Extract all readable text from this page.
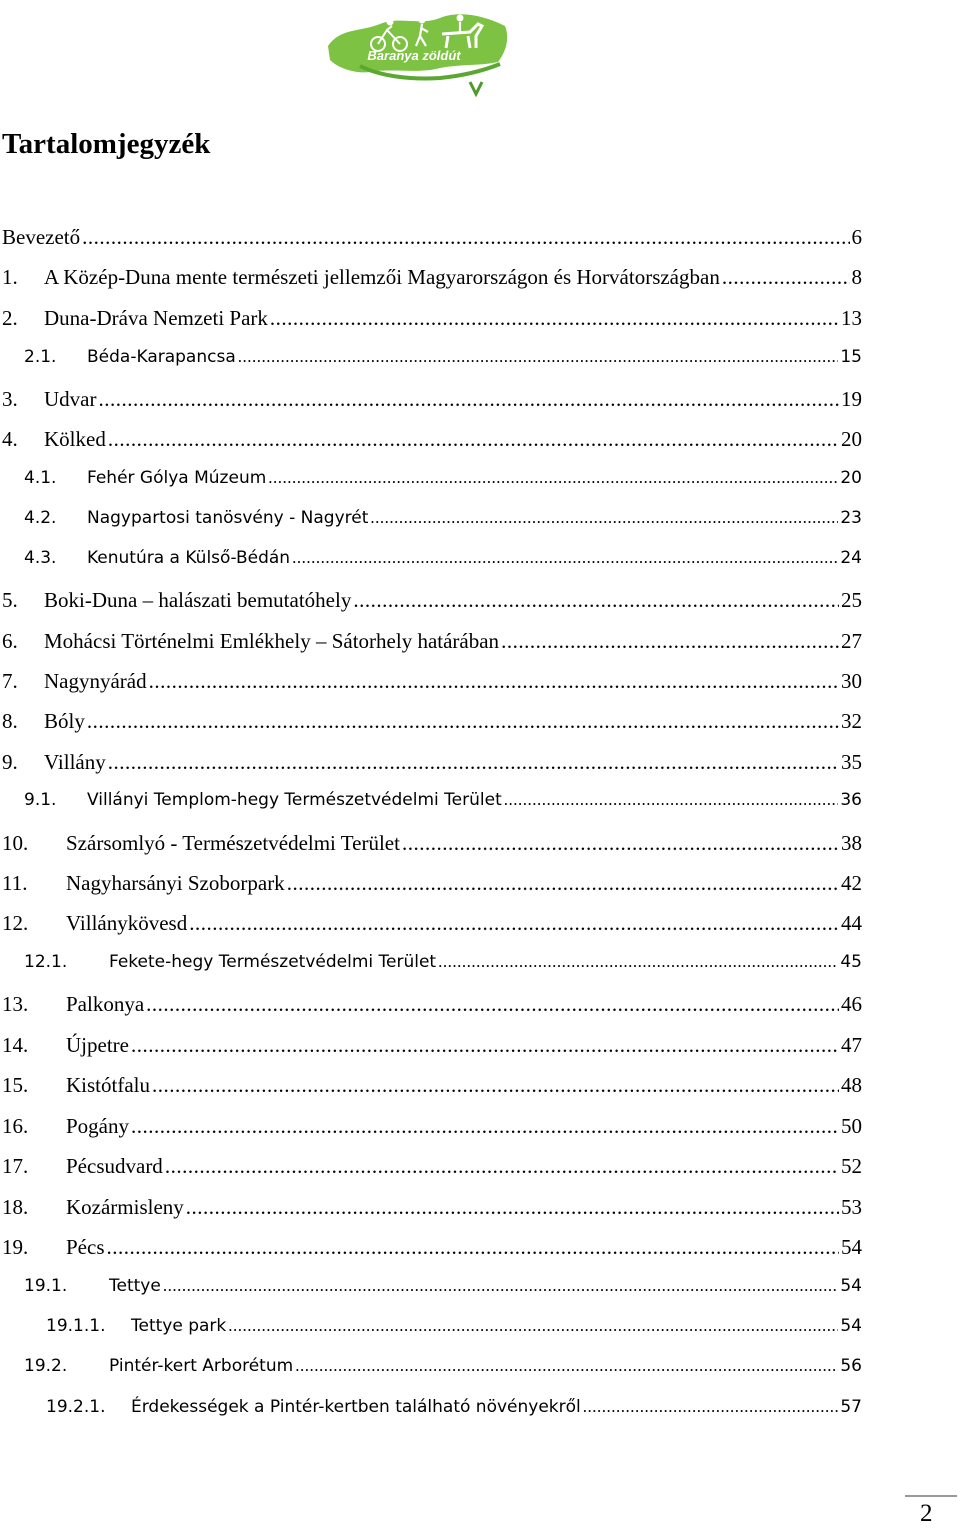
Baranya zöldút
Tartalomjegyzék
Bevezető .....	6
1.	A Közép-Duna mente természeti jellemzői Magyarországon és Horvátországban .....	8
2.	Duna-Dráva Nemzeti Park .....	13
2.1.	Béda-Karapancsa .....	15
3.	Udvar .....	19
4.	Kölked .....	20
4.1.	Fehér Gólya Múzeum .....	20
4.2.	Nagypartosi tanösvény - Nagyrét .....	23
4.3.	Kenutúra a Külső-Bédán .....	24
5.	Boki-Duna – halászati bemutatóhely .....	25
6.	Mohácsi Történelmi Emlékhely – Sátorhely határában .....	27
7.	Nagynyárád .....	30
8.	Bóly .....	32
9.	Villány .....	35
9.1.	Villányi Templom-hegy Természetvédelmi Terület .....	36
10.	Szársomlyó - Természetvédelmi Terület .....	38
11.	Nagyharsányi Szoborpark .....	42
12.	Villánykövesd .....	44
12.1.	Fekete-hegy Természetvédelmi Terület .....	45
13.	Palkonya .....	46
14.	Újpetre .....	47
15.	Kistótfalu .....	48
16.	Pogány .....	50
17.	Pécsudvard .....	52
18.	Kozármisleny .....	53
19.	Pécs .....	54
19.1.	Tettye .....	54
19.1.1.	Tettye park .....	54
19.2.	Pintér-kert Arborétum .....	56
19.2.1.	Érdekességek a Pintér-kertben található növényekről .....	57
2
